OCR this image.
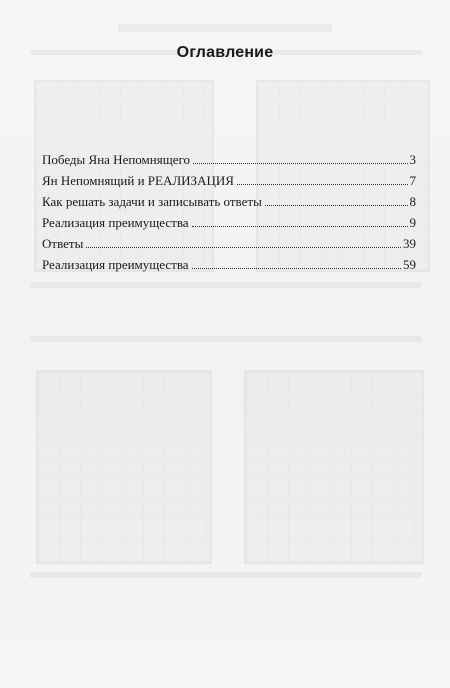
Оглавление
Победы Яна Непомнящего	3
Ян Непомнящий и РЕАЛИЗАЦИЯ	7
Как решать задачи и записывать ответы	8
Реализация преимущества	9
Ответы	39
Реализация преимущества	59
